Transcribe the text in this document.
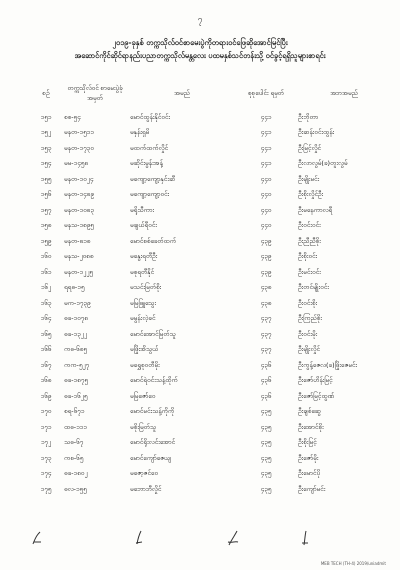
၇
၂၀၁၉-ခုနှစ် တက္ကသိုလ်ဝင်စာမေးပွဲကိုတရားဝင်ဖြေဆိုအောင်မြင်ပြီး
အဆောင်ကိုင်ဆိုင်ရာနည်းပညာတက္ကသိုလ်မန္တလေး ပထမနှစ်သင်တန်းသို့ ဝင်ခွင့်ရရှိသူများစာရင်း
စဥ်	တက္ကသိုလ်ဝင် စာမေးပွဲခုံအမှတ်	အမည်	စုစုပေါင်း ရမှတ်	အဘအမည်
၁၅၁	စစ-၅၄	မောင်ထွန်းနိုင်ဝင်း	၄၄၁	ဦးဘိုတာ
၁၅၂	မနတ-၁၅၁၁	မနှန်းရှမိ	၄၄၁	ဦးဆန်းဝင်းထွန်း
၁၅၃	မနတ-၁၇၃၀	မထက်ထက်လှိုင်	၄၄၁	ဦးမြင့်လှိုင်
၁၅၄	မမ-၁၄၅၈	မဆိုင်းမွန်းအန့်	၄၄၁	ဦးလာလွမ်(ခ)တူးလွမ်
၁၅၅	မနတ-၁၀၂၄	မကျော့ကျော့နှင်းဆီ	၄၄၀	ဦးမျိုးမင်း
၁၅၆	မနတ-၁၄၈၉	မကျော့ကျော့ဝင်း	၄၄၀	ဦးစိုးလှိုင်ဦး
၁၅၇	မနတ-၁၀၈၃	မရိုသီကား	၄၄၀	ဦးမနေကာလရီ
၁၅၈	မနသ-၁၈၉၅	မချယ်ရီဝင်း	၄၄၀	ဦးဝင်းဝင်း
၁၅၉	မနတ-၈၁၈	မောင်စစ်ခေတ်ထက်	၄၃၉	ဦးညီညီစိုး
၁၆၀	မနသ-၂၀၈၈	မနွေးရတီဦး	၄၃၉	ဦးစိုးဝင်း
၁၆၁	မနတ-၁၂၂၅	မစုရတီနိုင်	၄၃၉	ဦးမင်းဝင်း
၁၆၂	ရရဓ-၁၅	မသင်းမြတ်စိုး	၄၃၈	ဦးတင်မျိုးဝင်း
၁၆၃	မက-၁၇၃၉	မမြဖြူသွေး	၄၃၈	ဦးဝင်းစိုး
၁၆၄	ဓခ-၁၀၇၈	မမွန်းလဲ့ခင်	၄၃၇	ဦးကြည်စိုး
၁၆၅	ဓခ-၁၃၂၂	မောင်အောင်မြတ်သူ	၄၃၇	ဦးဝင်းမိုး
၁၆၆	ကဓ-၆၈၅	မဖြိုးအိသွယ်	၄၃၇	ဦးမျိုးလှိုင်
၁၆၇	ကက-၅၂၇	မရွှေစုဝတီမိုး	၄၃၆	ဦးကွန့်ဇေလ(ခ)ဖြိုးဇေမင်း
၁၆၈	ဓခ-၁၈၇၅	မောင်ရဲဝင်းသန့်ထိုက်	၄၃၆	ဦးဇော်ဟိန်းမြင့်
၁၆၉	ဓခ-၁၆၂၅	မမြဇော်ဝေ	၄၃၆	ဦးဇော်မြင့်ထွဏ်
၁၇၀	စရ-၆၇၁	မောင်မင်းသန့်ကိုကို	၄၃၅	ဦးချစ်ဆွေ
၁၇၁	ထဓ-၁၁၁	မစိုးမြတ်သူ	၄၃၅	ဦးအောင်စိုး
၁၇၂	သဓ-၆၇	မောင်ရိုးလင်းအောင်	၄၃၅	ဦးစိုးမြင့်
၁၇၃	ကစ-၆၅	မောင်ကျော်ဇေယျ	၄၃၅	ဦးဇော်မိုး
၁၇၄	ဓခ-၁၈၀၂	မဇော့ဇင်ဝေ	၄၃၅	ဦးမောင်ပို
၁၇၅	ဓလ-၁၅၅	မဘောဘီလှိုင်	၄၃၅	ဦးကျော်မင်း
MEB TECH (TH-4) 2019/uniadmit
